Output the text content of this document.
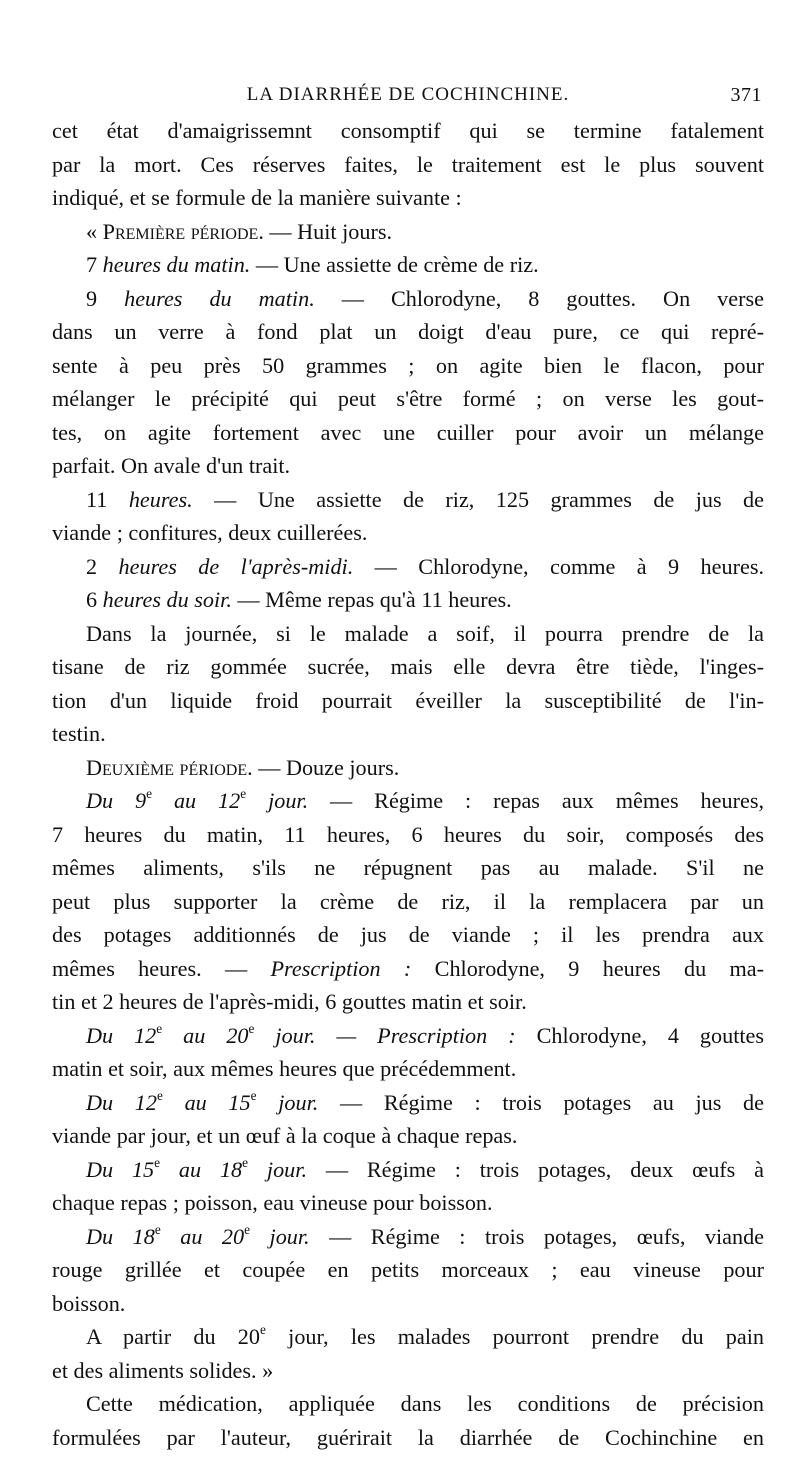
LA DIARRHÉE DE COCHINCHINE.	371
cet état d'amaigrissemnt consomptif qui se termine fatalement
par la mort. Ces réserves faites, le traitement est le plus souvent
indiqué, et se formule de la manière suivante :
« Première période. — Huit jours.
7 heures du matin. — Une assiette de crème de riz.
9 heures du matin. — Chlorodyne, 8 gouttes. On verse
dans un verre à fond plat un doigt d'eau pure, ce qui repré-
sente à peu près 50 grammes ; on agite bien le flacon, pour
mélanger le précipité qui peut s'être formé ; on verse les gout-
tes, on agite fortement avec une cuiller pour avoir un mélange
parfait. On avale d'un trait.
11 heures. — Une assiette de riz, 125 grammes de jus de
viande ; confitures, deux cuillerées.
2 heures de l'après-midi. — Chlorodyne, comme à 9 heures.
6 heures du soir. — Même repas qu'à 11 heures.
Dans la journée, si le malade a soif, il pourra prendre de la
tisane de riz gommée sucrée, mais elle devra être tiède, l'inges-
tion d'un liquide froid pourrait éveiller la susceptibilité de l'in-
testin.
Deuxième période. — Douze jours.
Du 9e au 12e jour. — Régime : repas aux mêmes heures,
7 heures du matin, 11 heures, 6 heures du soir, composés des
mêmes aliments, s'ils ne répugnent pas au malade. S'il ne
peut plus supporter la crème de riz, il la remplacera par un
des potages additionnés de jus de viande ; il les prendra aux
mêmes heures. — Prescription : Chlorodyne, 9 heures du ma-
tin et 2 heures de l'après-midi, 6 gouttes matin et soir.
Du 12e au 20e jour. — Prescription : Chlorodyne, 4 gouttes
matin et soir, aux mêmes heures que précédemment.
Du 12e au 15e jour. — Régime : trois potages au jus de
viande par jour, et un œuf à la coque à chaque repas.
Du 15e au 18e jour. — Régime : trois potages, deux œufs à
chaque repas ; poisson, eau vineuse pour boisson.
Du 18e au 20e jour. — Régime : trois potages, œufs, viande
rouge grillée et coupée en petits morceaux ; eau vineuse pour
boisson.
A partir du 20e jour, les malades pourront prendre du pain
et des aliments solides. »
Cette médication, appliquée dans les conditions de précision
formulées par l'auteur, guérirait la diarrhée de Cochinchine en
